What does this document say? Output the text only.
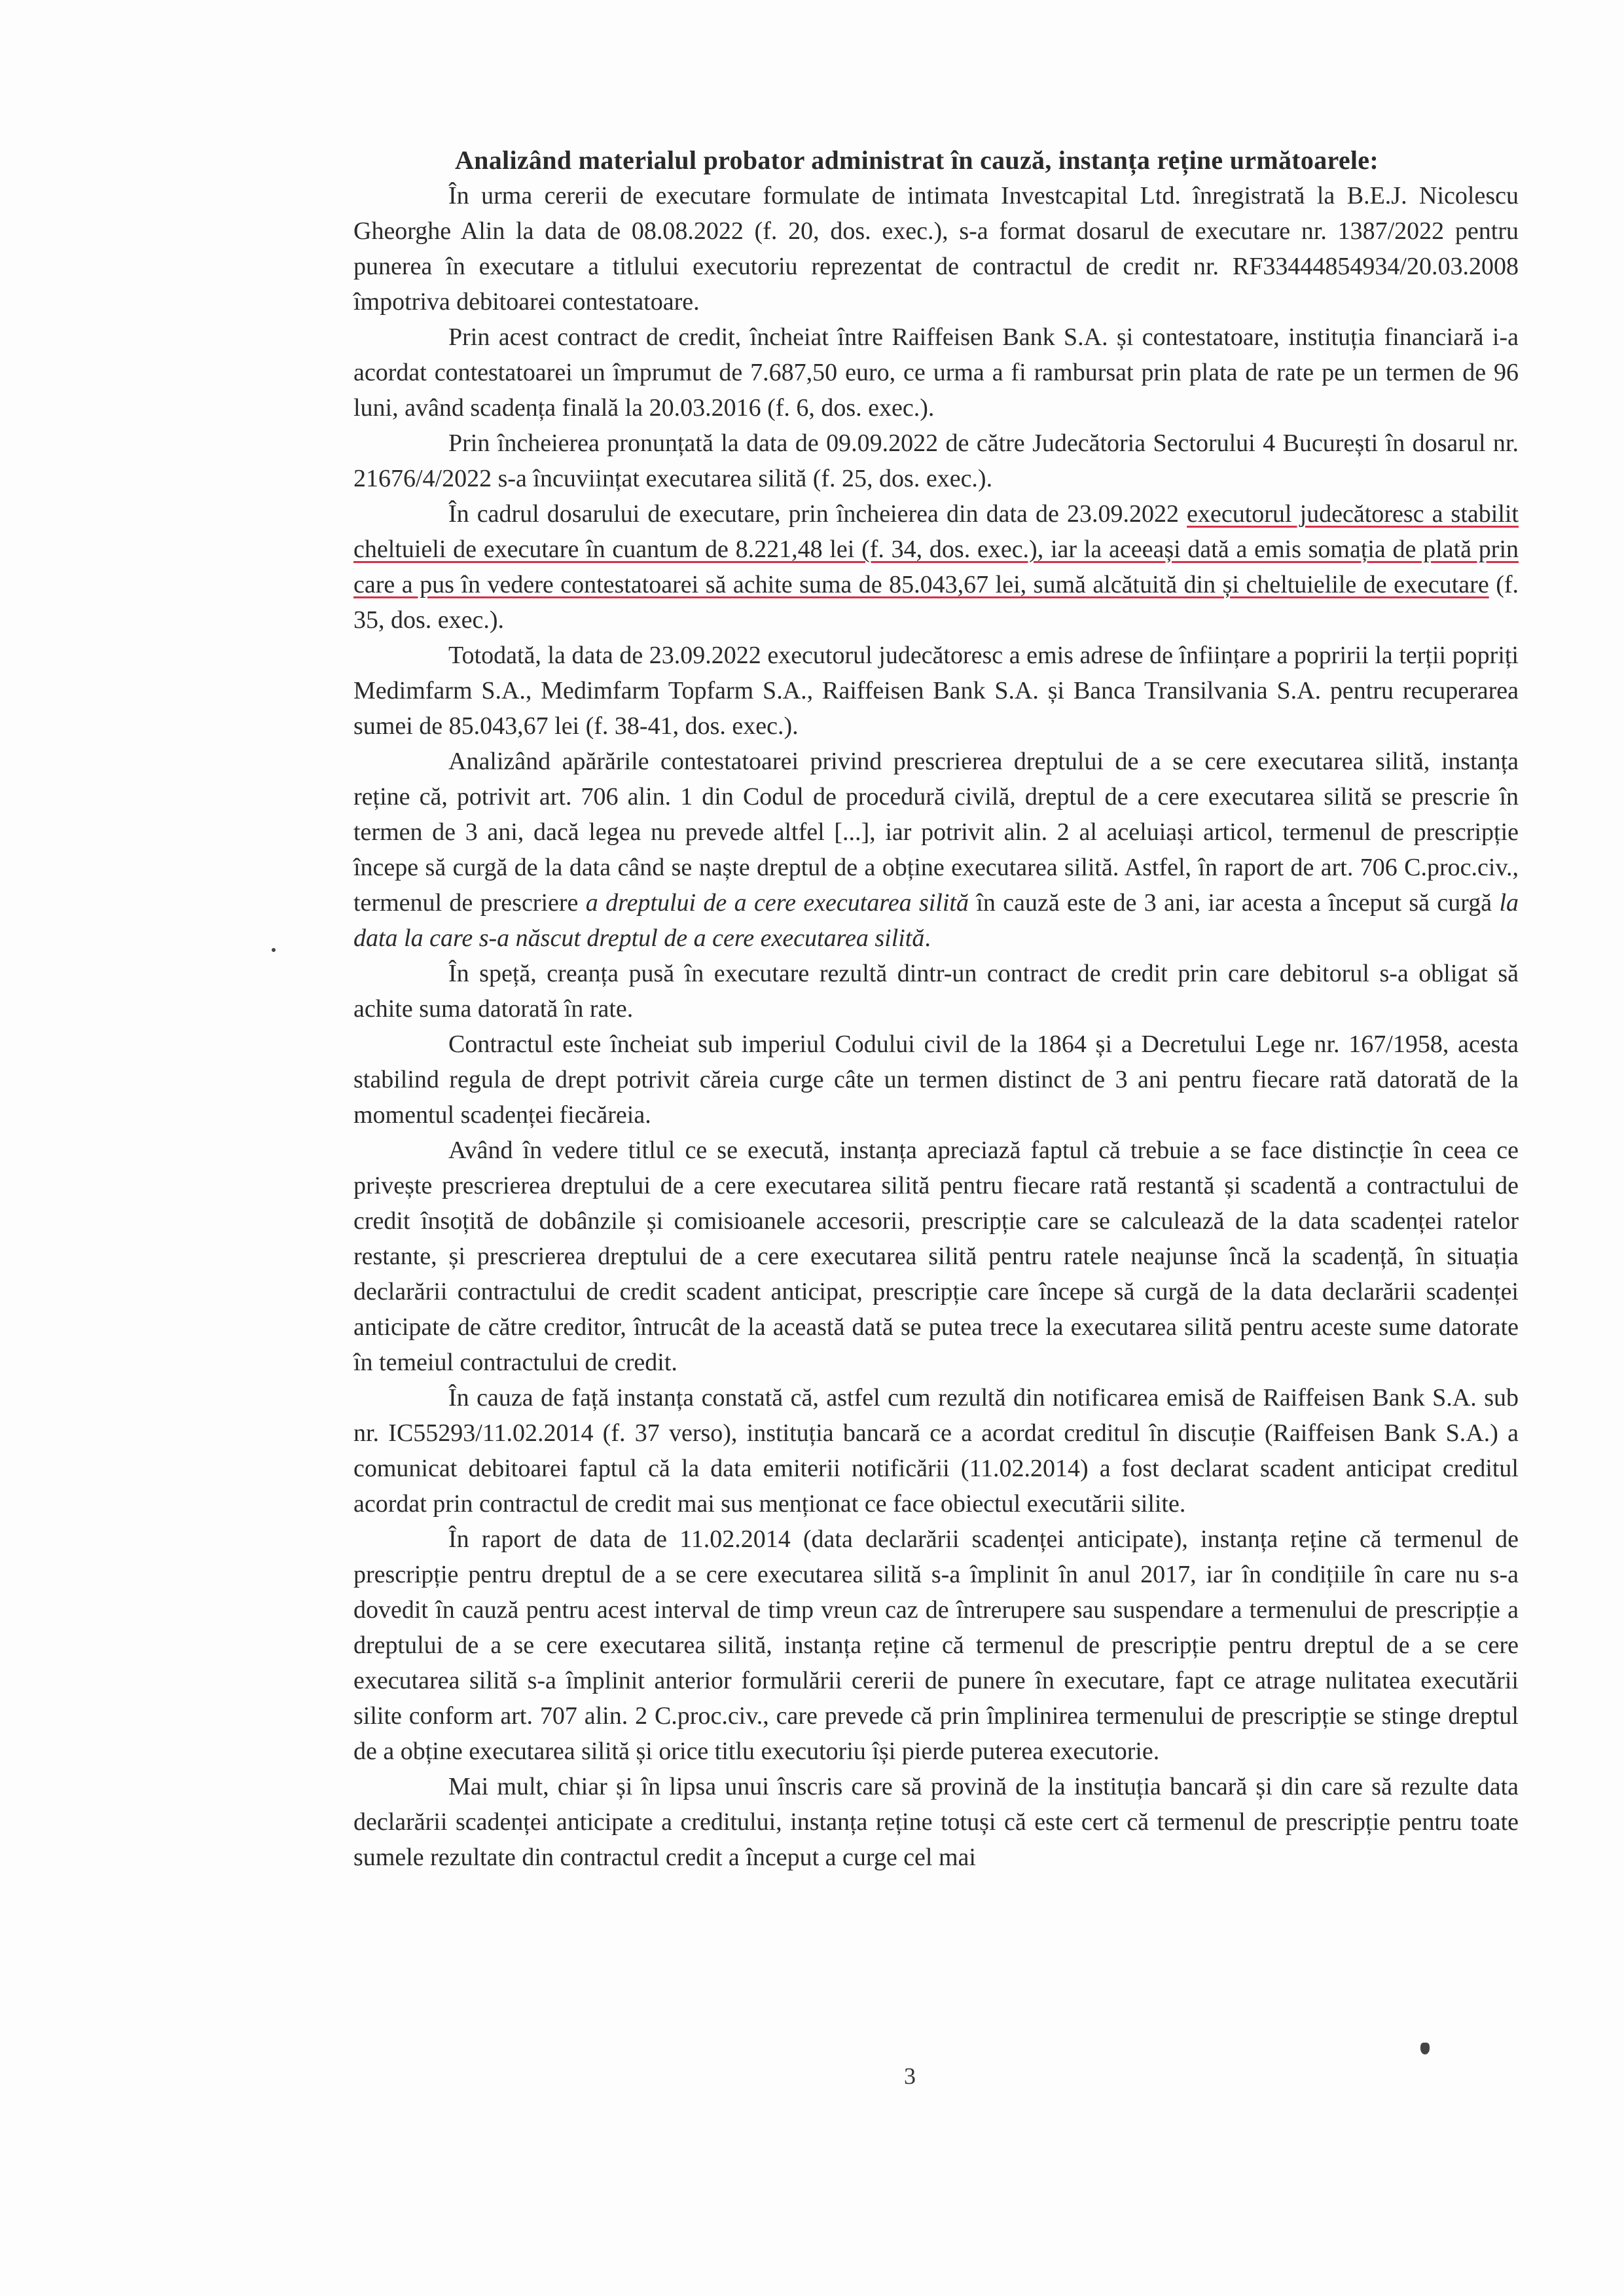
Analizând materialul probator administrat în cauză, instanța reține următoarele:

În urma cererii de executare formulate de intimata Investcapital Ltd. înregistrată la B.E.J. Nicolescu Gheorghe Alin la data de 08.08.2022 (f. 20, dos. exec.), s-a format dosarul de executare nr. 1387/2022 pentru punerea în executare a titlului executoriu reprezentat de contractul de credit nr. RF33444854934/20.03.2008 împotriva debitoarei contestatoare.

Prin acest contract de credit, încheiat între Raiffeisen Bank S.A. și contestatoare, instituția financiară i-a acordat contestatoarei un împrumut de 7.687,50 euro, ce urma a fi rambursat prin plata de rate pe un termen de 96 luni, având scadența finală la 20.03.2016 (f. 6, dos. exec.).

Prin încheierea pronunțată la data de 09.09.2022 de către Judecătoria Sectorului 4 București în dosarul nr. 21676/4/2022 s-a încuviințat executarea silită (f. 25, dos. exec.).

În cadrul dosarului de executare, prin încheierea din data de 23.09.2022 executorul judecătoresc a stabilit cheltuieli de executare în cuantum de 8.221,48 lei (f. 34, dos. exec.), iar la aceeași dată a emis somația de plată prin care a pus în vedere contestatoarei să achite suma de 85.043,67 lei, sumă alcătuită din și cheltuielile de executare (f. 35, dos. exec.).

Totodată, la data de 23.09.2022 executorul judecătoresc a emis adrese de înființare a popririi la terții popriți Medimfarm S.A., Medimfarm Topfarm S.A., Raiffeisen Bank S.A. și Banca Transilvania S.A. pentru recuperarea sumei de 85.043,67 lei (f. 38-41, dos. exec.).

Analizând apărările contestatoarei privind prescrierea dreptului de a se cere executarea silită, instanța reține că, potrivit art. 706 alin. 1 din Codul de procedură civilă, dreptul de a cere executarea silită se prescrie în termen de 3 ani, dacă legea nu prevede altfel [...], iar potrivit alin. 2 al aceluiași articol, termenul de prescripție începe să curgă de la data când se naște dreptul de a obține executarea silită. Astfel, în raport de art. 706 C.proc.civ., termenul de prescriere a dreptului de a cere executarea silită în cauză este de 3 ani, iar acesta a început să curgă la data la care s-a născut dreptul de a cere executarea silită.

În speță, creanța pusă în executare rezultă dintr-un contract de credit prin care debitorul s-a obligat să achite suma datorată în rate.

Contractul este încheiat sub imperiul Codului civil de la 1864 și a Decretului Lege nr. 167/1958, acesta stabilind regula de drept potrivit căreia curge câte un termen distinct de 3 ani pentru fiecare rată datorată de la momentul scadenței fiecăreia.

Având în vedere titlul ce se execută, instanța apreciază faptul că trebuie a se face distincție în ceea ce privește prescrierea dreptului de a cere executarea silită pentru fiecare rată restantă și scadentă a contractului de credit însoțită de dobânzile și comisioanele accesorii, prescripție care se calculează de la data scadenței ratelor restante, și prescrierea dreptului de a cere executarea silită pentru ratele neajunse încă la scadență, în situația declarării contractului de credit scadent anticipat, prescripție care începe să curgă de la data declarării scadenței anticipate de către creditor, întrucât de la această dată se putea trece la executarea silită pentru aceste sume datorate în temeiul contractului de credit.

În cauza de față instanța constată că, astfel cum rezultă din notificarea emisă de Raiffeisen Bank S.A. sub nr. IC55293/11.02.2014 (f. 37 verso), instituția bancară ce a acordat creditul în discuție (Raiffeisen Bank S.A.) a comunicat debitoarei faptul că la data emiterii notificării (11.02.2014) a fost declarat scadent anticipat creditul acordat prin contractul de credit mai sus menționat ce face obiectul executării silite.

În raport de data de 11.02.2014 (data declarării scadenței anticipate), instanța reține că termenul de prescripție pentru dreptul de a se cere executarea silită s-a împlinit în anul 2017, iar în condițiile în care nu s-a dovedit în cauză pentru acest interval de timp vreun caz de întrerupere sau suspendare a termenului de prescripție a dreptului de a se cere executarea silită, instanța reține că termenul de prescripție pentru dreptul de a se cere executarea silită s-a împlinit anterior formulării cererii de punere în executare, fapt ce atrage nulitatea executării silite conform art. 707 alin. 2 C.proc.civ., care prevede că prin împlinirea termenului de prescripție se stinge dreptul de a obține executarea silită și orice titlu executoriu își pierde puterea executorie.

Mai mult, chiar și în lipsa unui înscris care să provină de la instituția bancară și din care să rezulte data declarării scadenței anticipate a creditului, instanța reține totuși că este cert că termenul de prescripție pentru toate sumele rezultate din contractul credit a început a curge cel mai

3
